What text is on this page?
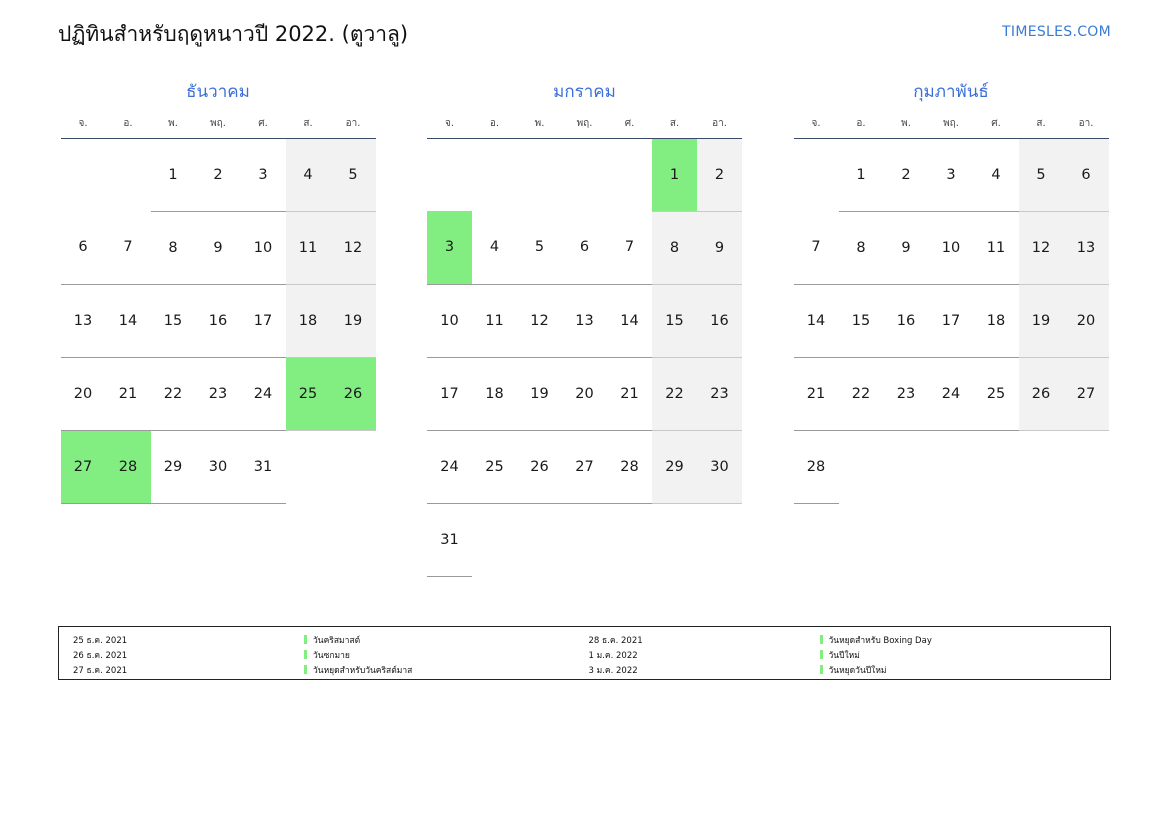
ปฏิทินสำหรับฤดูหนาวปี 2022. (ตูวาลู)	TIMESLES.COM
ธันวาคม
จ.	อ.	พ.	พฤ.	ศ.	ส.	อา.
		1	2	3	4	5
6	7	8	9	10	11	12
13	14	15	16	17	18	19
20	21	22	23	24	25	26
27	28	29	30	31		
มกราคม
จ.	อ.	พ.	พฤ.	ศ.	ส.	อา.
					1	2
3	4	5	6	7	8	9
10	11	12	13	14	15	16
17	18	19	20	21	22	23
24	25	26	27	28	29	30
31						
กุมภาพันธ์
จ.	อ.	พ.	พฤ.	ศ.	ส.	อา.
	1	2	3	4	5	6
7	8	9	10	11	12	13
14	15	16	17	18	19	20
21	22	23	24	25	26	27
28						
25 ธ.ค. 2021	วันคริสมาสต์
26 ธ.ค. 2021	วันซกมาย
27 ธ.ค. 2021	วันหยุดสำหรับวันคริสต์มาส
28 ธ.ค. 2021	วันหยุดสำหรับ Boxing Day
1 ม.ค. 2022	วันปีใหม่
3 ม.ค. 2022	วันหยุดวันปีใหม่
